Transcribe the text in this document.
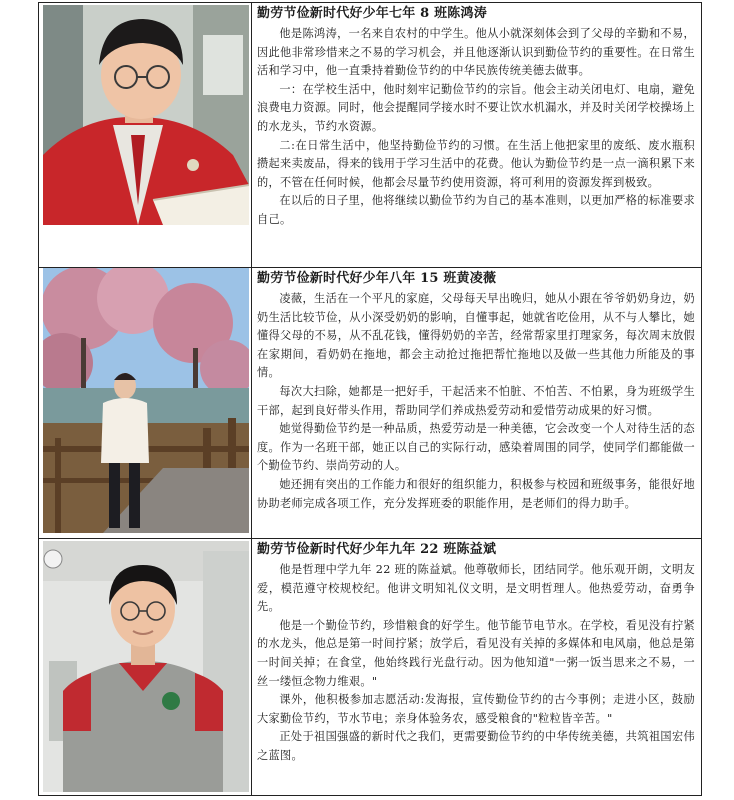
勤劳节俭新时代好少年七年 8 班陈鸿涛

他是陈鸿涛，一名来自农村的中学生。他从小就深刻体会到了父母的辛勤和不易，因此他非常珍惜来之不易的学习机会，并且他逐渐认识到勤俭节约的重要性。在日常生活和学习中，他一直秉持着勤俭节约的中华民族传统美德去做事。

一：在学校生活中，他时刻牢记勤俭节约的宗旨。他会主动关闭电灯、电扇，避免浪费电力资源。同时，他会提醒同学接水时不要让饮水机漏水，并及时关闭学校操场上的水龙头，节约水资源。

二:在日常生活中，他坚持勤俭节约的习惯。在生活上他把家里的废纸、废水瓶积攒起来卖废品，得来的钱用于学习生活中的花费。他认为勤俭节约是一点一滴积累下来的，不管在任何时候，他都会尽量节约使用资源，将可利用的资源发挥到极致。

在以后的日子里，他将继续以勤俭节约为自己的基本准则，以更加严格的标准要求自己。

勤劳节俭新时代好少年八年 15 班黄凌薇

凌薇，生活在一个平凡的家庭，父母每天早出晚归，她从小跟在爷爷奶奶身边，奶奶生活比较节俭，从小深受奶奶的影响，自懂事起，她就省吃俭用，从不与人攀比，她懂得父母的不易，从不乱花钱，懂得奶奶的辛苦，经常帮家里打理家务，每次周末放假在家期间，看奶奶在拖地，都会主动抢过拖把帮忙拖地以及做一些其他力所能及的事情。

每次大扫除，她都是一把好手，干起活来不怕脏、不怕苦、不怕累，身为班级学生干部，起到良好带头作用，帮助同学们养成热爱劳动和爱惜劳动成果的好习惯。

她觉得勤俭节约是一种品质，热爱劳动是一种美德，它会改变一个人对待生活的态度。作为一名班干部，她正以自己的实际行动，感染着周围的同学，使同学们都能做一个勤俭节约、崇尚劳动的人。

她还拥有突出的工作能力和很好的组织能力，积极参与校园和班级事务，能很好地协助老师完成各项工作，充分发挥班委的职能作用，是老师们的得力助手。

勤劳节俭新时代好少年九年 22 班陈益斌

他是哲理中学九年 22 班的陈益斌。他尊敬师长，团结同学。他乐观开朗，文明友爱，模范遵守校规校纪。他讲文明知礼仪文明，是文明哲理人。他热爱劳动，奋勇争先。

他是一个勤俭节约，珍惜粮食的好学生。他节能节电节水。在学校，看见没有拧紧的水龙头，他总是第一时间拧紧；放学后，看见没有关掉的多媒体和电风扇，他总是第一时间关掉；在食堂，他始终践行光盘行动。因为他知道"一粥一饭当思来之不易，一丝一缕恒念物力维艰。"

课外，他积极参加志愿活动:发海报，宣传勤俭节约的古今事例；走进小区，鼓励大家勤俭节约，节水节电；亲身体验务农，感受粮食的"粒粒皆辛苦。"

正处于祖国强盛的新时代之我们，更需要勤俭节约的中华传统美德，共筑祖国宏伟之蓝图。
